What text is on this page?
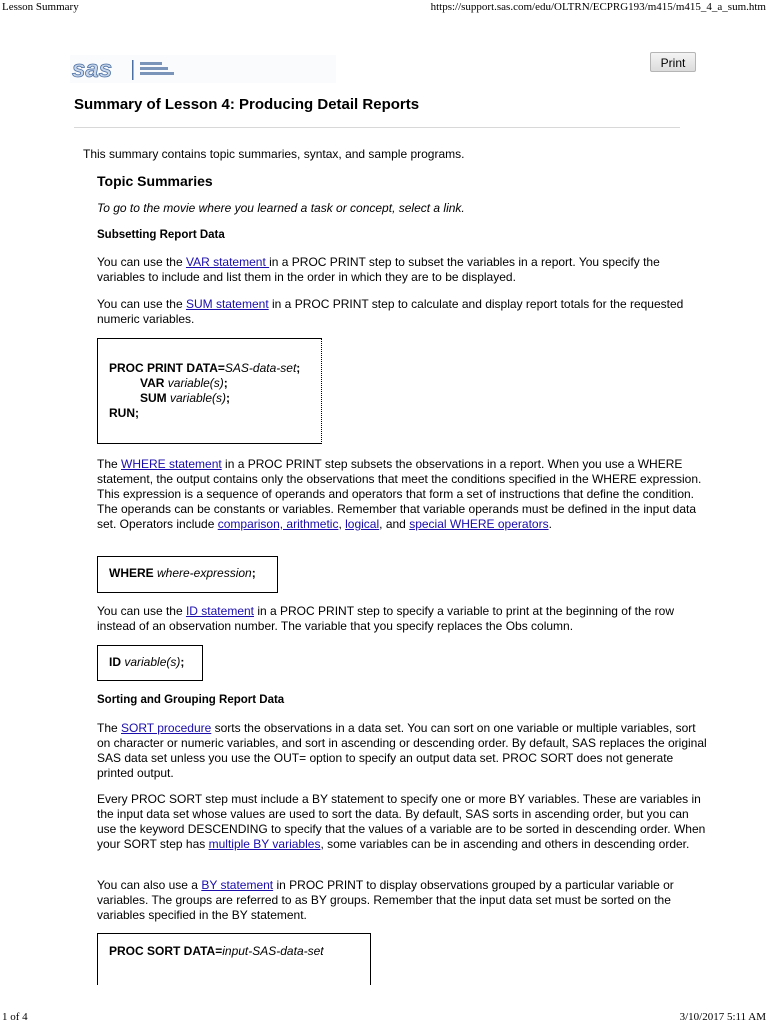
Lesson Summary	https://support.sas.com/edu/OLTRN/ECPRG193/m415/m415_4_a_sum.htm
sas	Print
Summary of Lesson 4: Producing Detail Reports

This summary contains topic summaries, syntax, and sample programs.

Topic Summaries

To go to the movie where you learned a task or concept, select a link.

Subsetting Report Data

You can use the VAR statement in a PROC PRINT step to subset the variables in a report. You specify the variables to include and list them in the order in which they are to be displayed.

You can use the SUM statement in a PROC PRINT step to calculate and display report totals for the requested numeric variables.

PROC PRINT DATA=SAS-data-set;
VAR variable(s);
SUM variable(s);
RUN;

The WHERE statement in a PROC PRINT step subsets the observations in a report. When you use a WHERE statement, the output contains only the observations that meet the conditions specified in the WHERE expression. This expression is a sequence of operands and operators that form a set of instructions that define the condition. The operands can be constants or variables. Remember that variable operands must be defined in the input data set. Operators include comparison, arithmetic, logical, and special WHERE operators.

WHERE where-expression;

You can use the ID statement in a PROC PRINT step to specify a variable to print at the beginning of the row instead of an observation number. The variable that you specify replaces the Obs column.

ID variable(s);
Sorting and Grouping Report Data

The SORT procedure sorts the observations in a data set. You can sort on one variable or multiple variables, sort on character or numeric variables, and sort in ascending or descending order. By default, SAS replaces the original SAS data set unless you use the OUT= option to specify an output data set. PROC SORT does not generate printed output.

Every PROC SORT step must include a BY statement to specify one or more BY variables. These are variables in the input data set whose values are used to sort the data. By default, SAS sorts in ascending order, but you can use the keyword DESCENDING to specify that the values of a variable are to be sorted in descending order. When your SORT step has multiple BY variables, some variables can be in ascending and others in descending order.

You can also use a BY statement in PROC PRINT to display observations grouped by a particular variable or variables. The groups are referred to as BY groups. Remember that the input data set must be sorted on the variables specified in the BY statement.

PROC SORT DATA=input-SAS-data-set
1 of 4	3/10/2017 5:11 AM
